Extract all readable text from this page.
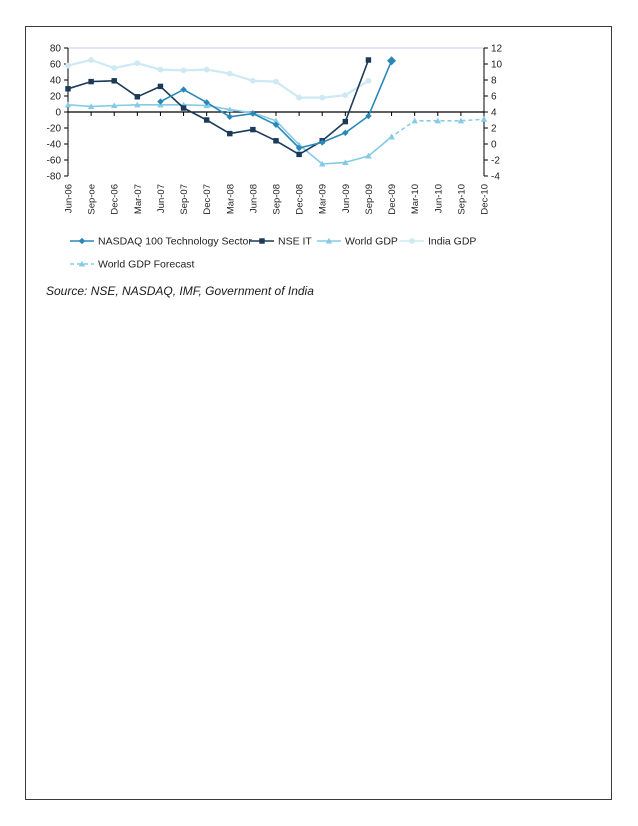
80
60
40
20
0
-20
-40
-60
-80
12
10
8
6
4
2
0
-2
-4
Jun-06 Sep-oe Dec-06 Mar-07 Jun-07 Sep-07 Dec-07 Mar-08 Jun-08 Sep-08 Dec-08 Mar-09 Jun-09 Sep-09 Dec-09 Mar-10 Jun-10 Sep-10 Dec-10
NASDAQ 100 Technology Sector NSE IT	World GDP	India GDP
World GDP Forecast
Source: NSE, NASDAQ, IMF, Government of India
